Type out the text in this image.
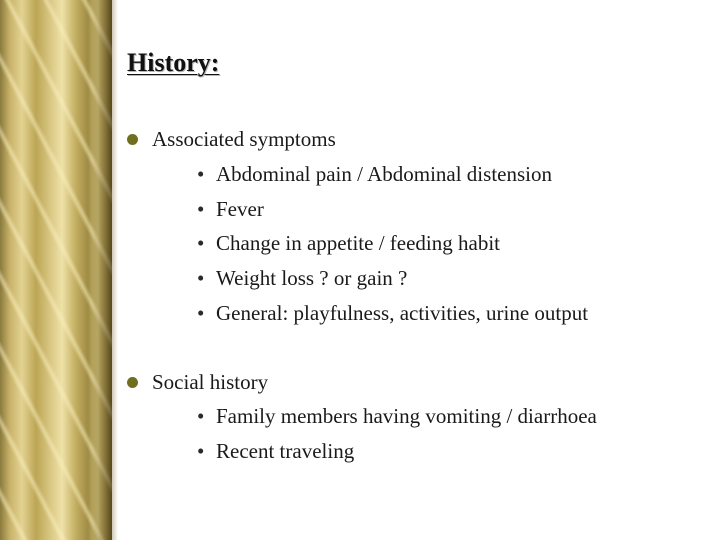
History:
Associated symptoms
• Abdominal pain / Abdominal distension
• Fever
• Change in appetite / feeding habit
• Weight loss ? or gain ?
• General: playfulness, activities, urine output
Social history
• Family members having vomiting / diarrhoea
• Recent traveling
